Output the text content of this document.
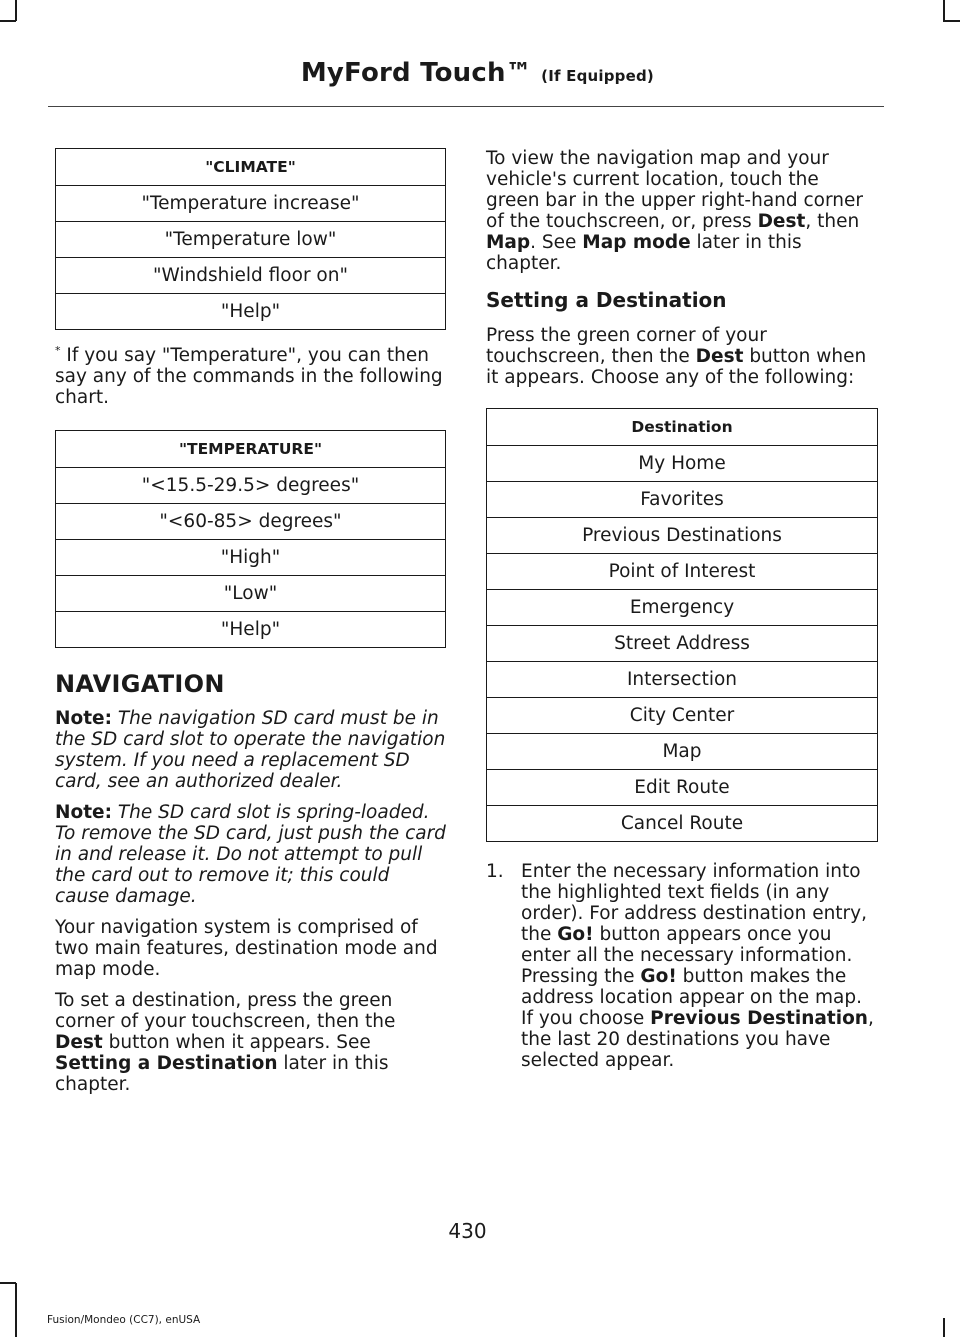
MyFord Touch™ (If Equipped)
"CLIMATE"
"Temperature increase"
"Temperature low"
"Windshield floor on"
"Help"

* If you say "Temperature", you can then say any of the commands in the following chart.

"TEMPERATURE"
"<15.5-29.5> degrees"
"<60-85> degrees"
"High"
"Low"
"Help"
NAVIGATION

Note: The navigation SD card must be in the SD card slot to operate the navigation system. If you need a replacement SD card, see an authorized dealer.

Note: The SD card slot is spring-loaded. To remove the SD card, just push the card in and release it. Do not attempt to pull the card out to remove it; this could cause damage.

Your navigation system is comprised of two main features, destination mode and map mode.

To set a destination, press the green corner of your touchscreen, then the Dest button when it appears. See Setting a Destination later in this chapter.

To view the navigation map and your vehicle's current location, touch the green bar in the upper right-hand corner of the touchscreen, or, press Dest, then Map. See Map mode later in this chapter.

Setting a Destination

Press the green corner of your touchscreen, then the Dest button when it appears. Choose any of the following:

Destination
My Home
Favorites
Previous Destinations
Point of Interest
Emergency
Street Address
Intersection
City Center
Map
Edit Route
Cancel Route
1. Enter the necessary information into the highlighted text fields (in any order). For address destination entry, the Go! button appears once you enter all the necessary information. Pressing the Go! button makes the address location appear on the map. If you choose Previous Destination, the last 20 destinations you have selected appear.
430
Fusion/Mondeo (CC7), enUSA
